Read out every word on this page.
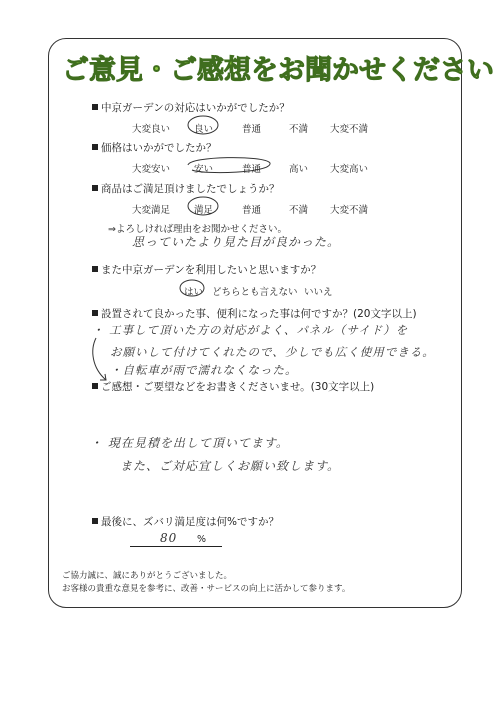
ご意見・ご感想をお聞かせください
中京ガーデンの対応はいかがでしたか？
大変良い	良い	普通	不満 大変不満
価格はいかがでしたか？
大変安い	安い	普通	高い 大変高い
商品はご満足頂けましたでしょうか？
大変満足	満足	普通	不満 大変不満
⇒よろしければ理由をお聞かせください。
思っていたより見た目が良かった。
また中京ガーデンを利用したいと思いますか？
はい どちらとも言えない いいえ
設置されて良かった事、便利になった事は何ですか？(20文字以上)
・ 工事して頂いた方の対応がよく、パネル（サイド）を
お願いして付けてくれたので、少しでも広く使用できる。
・自転車が雨で濡れなくなった。
ご感想・ご要望などをお書きくださいませ。(30文字以上)
・ 現在見積を出して頂いてます。
また、ご対応宜しくお願い致します。
最後に、ズバリ満足度は何%ですか？
80 %
ご協力誠に、誠にありがとうございました。
お客様の貴重な意見を参考に、改善・サービスの向上に活かして参ります。
